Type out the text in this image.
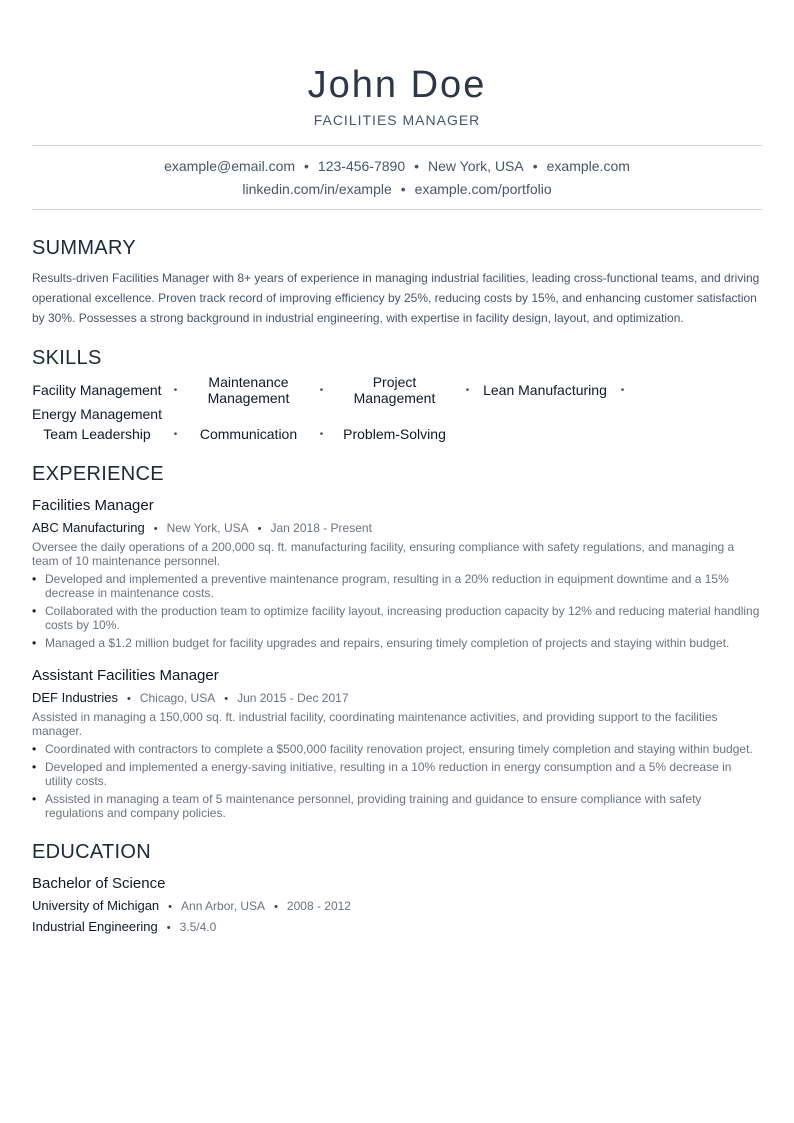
John Doe
FACILITIES MANAGER
example@email.com • 123-456-7890 • New York, USA • example.com
linkedin.com/in/example • example.com/portfolio
SUMMARY

Results-driven Facilities Manager with 8+ years of experience in managing industrial facilities, leading cross-functional teams, and driving operational excellence. Proven track record of improving efficiency by 25%, reducing costs by 15%, and enhancing customer satisfaction by 30%. Possesses a strong background in industrial engineering, with expertise in facility design, layout, and optimization.

SKILLS
Facility Management	•	Maintenance Management	•	Project Management	• Lean Manufacturing	•
Energy Management
Team Leadership	•	Communication	•	Problem-Solving
EXPERIENCE
Facilities Manager
ABC Manufacturing • New York, USA • Jan 2018 - Present
Oversee the daily operations of a 200,000 sq. ft. manufacturing facility, ensuring compliance with safety regulations, and managing a team of 10 maintenance personnel.
• Developed and implemented a preventive maintenance program, resulting in a 20% reduction in equipment downtime and a 15% decrease in maintenance costs.
• Collaborated with the production team to optimize facility layout, increasing production capacity by 12% and reducing material handling costs by 10%.
• Managed a $1.2 million budget for facility upgrades and repairs, ensuring timely completion of projects and staying within budget.
Assistant Facilities Manager
DEF Industries • Chicago, USA • Jun 2015 - Dec 2017
Assisted in managing a 150,000 sq. ft. industrial facility, coordinating maintenance activities, and providing support to the facilities manager.
• Coordinated with contractors to complete a $500,000 facility renovation project, ensuring timely completion and staying within budget.
• Developed and implemented a energy-saving initiative, resulting in a 10% reduction in energy consumption and a 5% decrease in utility costs.
• Assisted in managing a team of 5 maintenance personnel, providing training and guidance to ensure compliance with safety regulations and company policies.
EDUCATION
Bachelor of Science
University of Michigan • Ann Arbor, USA • 2008 - 2012
Industrial Engineering • 3.5/4.0
